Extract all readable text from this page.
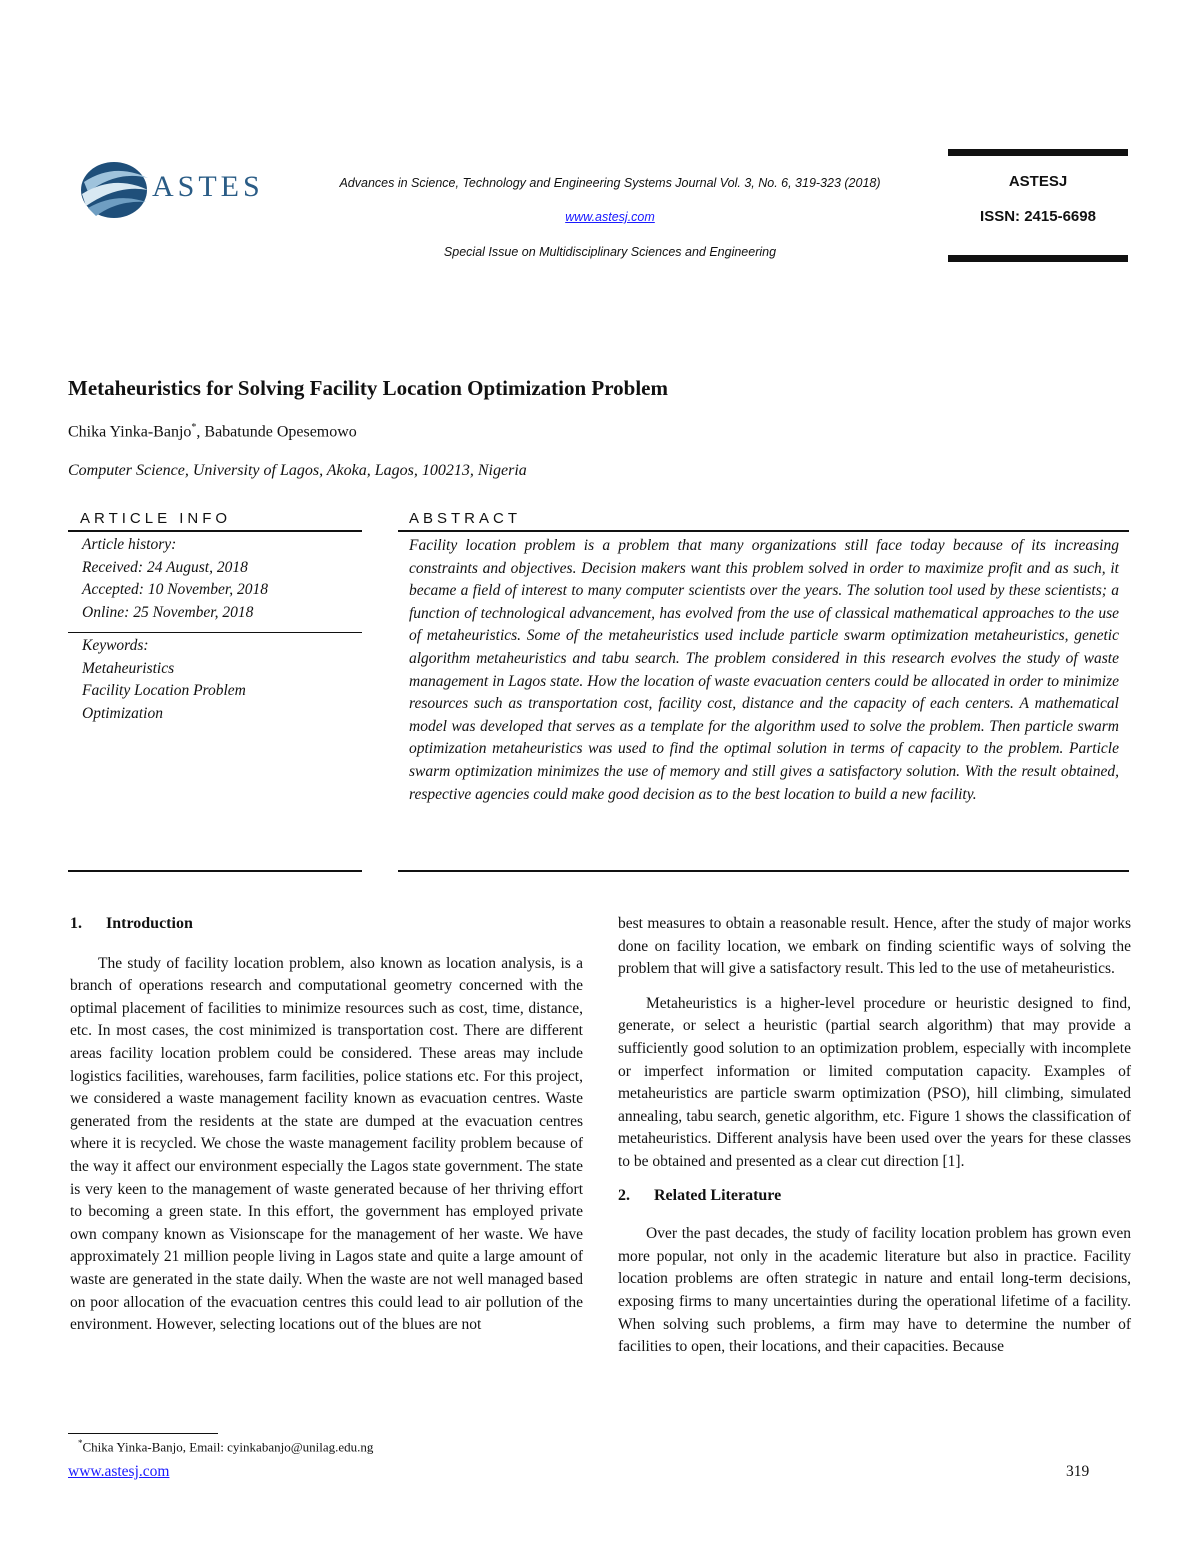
ASTES	Advances in Science, Technology and Engineering Systems Journal Vol. 3, No. 6, 319-323 (2018)
www.astesj.com
Special Issue on Multidisciplinary Sciences and Engineering
ASTESJ
ISSN: 2415-6698
Metaheuristics for Solving Facility Location Optimization Problem
Chika Yinka-Banjo*, Babatunde Opesemowo
Computer Science, University of Lagos, Akoka, Lagos, 100213, Nigeria
ARTICLE INFO
Article history:
Received: 24 August, 2018
Accepted: 10 November, 2018
Online: 25 November, 2018
Keywords:
Metaheuristics
Facility Location Problem
Optimization
ABSTRACT
Facility location problem is a problem that many organizations still face today because of its increasing constraints and objectives. Decision makers want this problem solved in order to maximize profit and as such, it became a field of interest to many computer scientists over the years. The solution tool used by these scientists; a function of technological advancement, has evolved from the use of classical mathematical approaches to the use of metaheuristics. Some of the metaheuristics used include particle swarm optimization metaheuristics, genetic algorithm metaheuristics and tabu search. The problem considered in this research evolves the study of waste management in Lagos state. How the location of waste evacuation centers could be allocated in order to minimize resources such as transportation cost, facility cost, distance and the capacity of each centers. A mathematical model was developed that serves as a template for the algorithm used to solve the problem. Then particle swarm optimization metaheuristics was used to find the optimal solution in terms of capacity to the problem. Particle swarm optimization minimizes the use of memory and still gives a satisfactory solution. With the result obtained, respective agencies could make good decision as to the best location to build a new facility.
1. Introduction

The study of facility location problem, also known as location analysis, is a branch of operations research and computational geometry concerned with the optimal placement of facilities to minimize resources such as cost, time, distance, etc. In most cases, the cost minimized is transportation cost. There are different areas facility location problem could be considered. These areas may include logistics facilities, warehouses, farm facilities, police stations etc. For this project, we considered a waste management facility known as evacuation centres. Waste generated from the residents at the state are dumped at the evacuation centres where it is recycled. We chose the waste management facility problem because of the way it affect our environment especially the Lagos state government. The state is very keen to the management of waste generated because of her thriving effort to becoming a green state. In this effort, the government has employed private own company known as Visionscape for the management of her waste. We have approximately 21 million people living in Lagos state and quite a large amount of waste are generated in the state daily. When the waste are not well managed based on poor allocation of the evacuation centres this could lead to air pollution of the environment. However, selecting locations out of the blues are not

best measures to obtain a reasonable result. Hence, after the study of major works done on facility location, we embark on finding scientific ways of solving the problem that will give a satisfactory result. This led to the use of metaheuristics.

Metaheuristics is a higher-level procedure or heuristic designed to find, generate, or select a heuristic (partial search algorithm) that may provide a sufficiently good solution to an optimization problem, especially with incomplete or imperfect information or limited computation capacity. Examples of metaheuristics are particle swarm optimization (PSO), hill climbing, simulated annealing, tabu search, genetic algorithm, etc. Figure 1 shows the classification of metaheuristics. Different analysis have been used over the years for these classes to be obtained and presented as a clear cut direction [1].

2. Related Literature

Over the past decades, the study of facility location problem has grown even more popular, not only in the academic literature but also in practice. Facility location problems are often strategic in nature and entail long-term decisions, exposing firms to many uncertainties during the operational lifetime of a facility. When solving such problems, a firm may have to determine the number of facilities to open, their locations, and their capacities. Because

*Chika Yinka-Banjo, Email: cyinkabanjo@unilag.edu.ng
www.astesj.com	319
